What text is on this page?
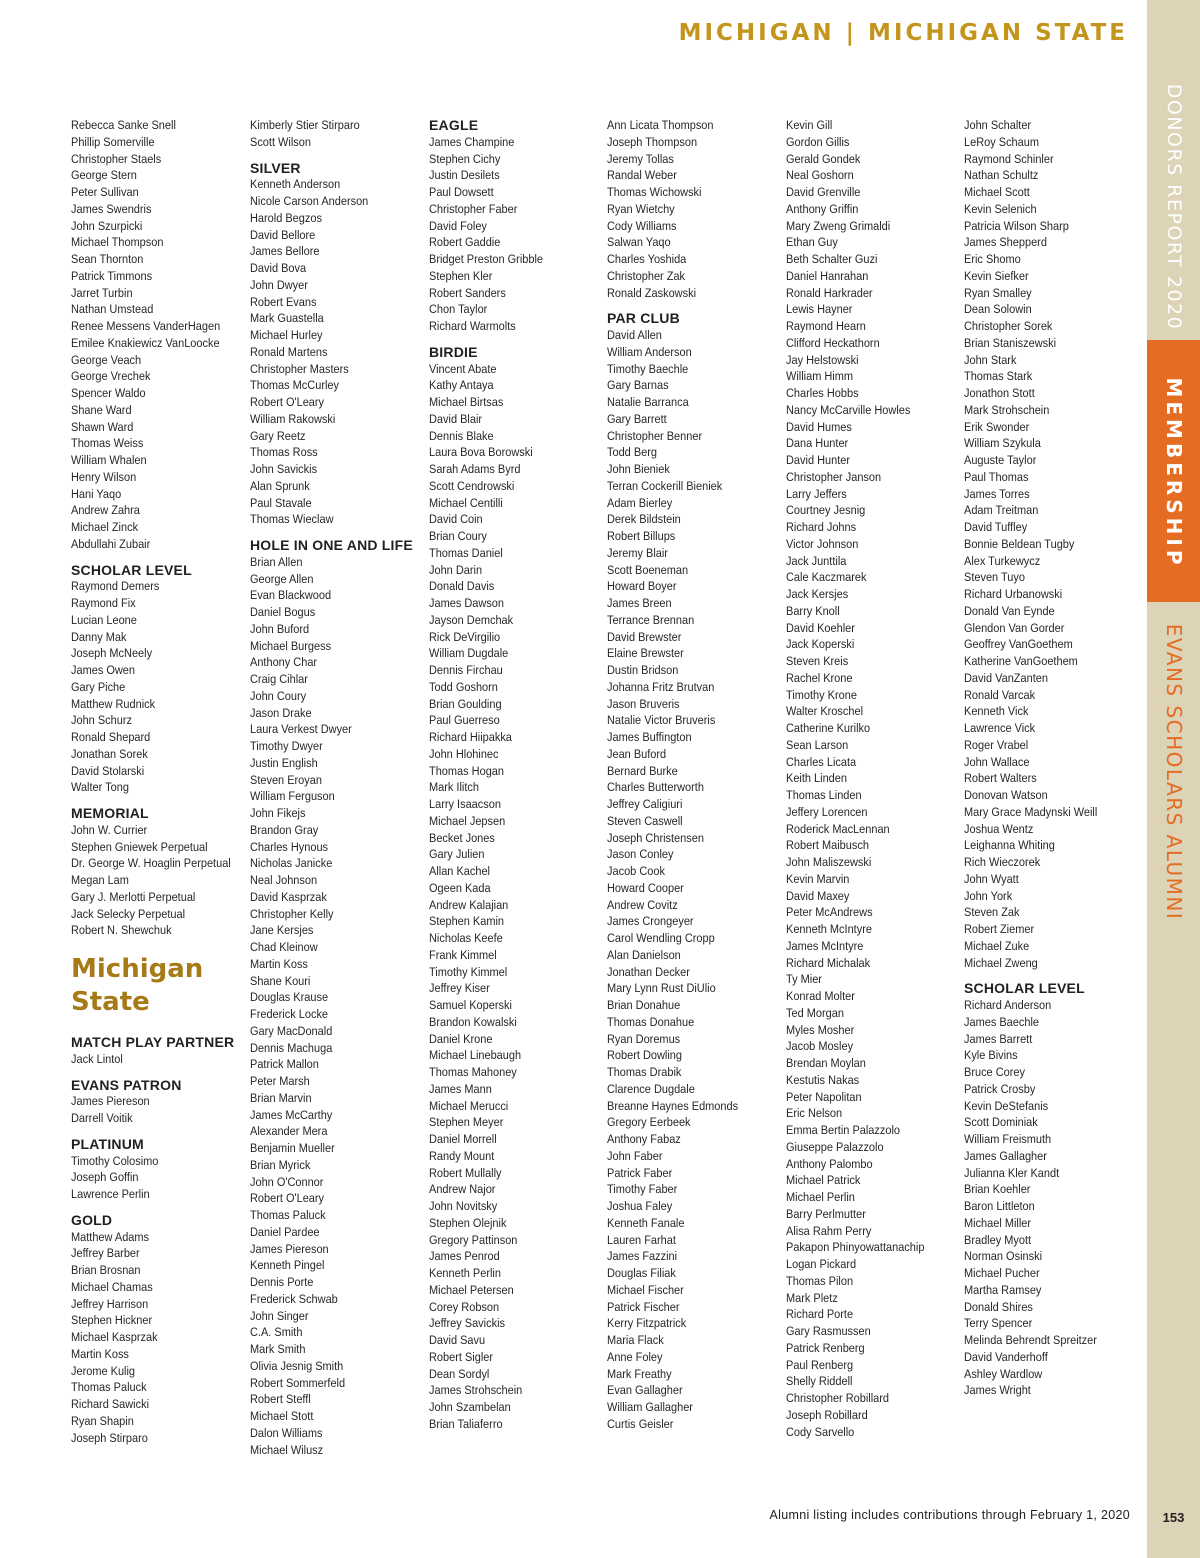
MICHIGAN | MICHIGAN STATE
DONORS REPORT 2020
MEMBERSHIP
EVANS SCHOLARS ALUMNI
153
Rebecca Sanke Snell
Phillip Somerville
Christopher Staels
George Stern
Peter Sullivan
James Swendris
John Szurpicki
Michael Thompson
Sean Thornton
Patrick Timmons
Jarret Turbin
Nathan Umstead
Renee Messens VanderHagen
Emilee Knakiewicz VanLoocke
George Veach
George Vrechek
Spencer Waldo
Shane Ward
Shawn Ward
Thomas Weiss
William Whalen
Henry Wilson
Hani Yaqo
Andrew Zahra
Michael Zinck
Abdullahi Zubair
SCHOLAR LEVEL
Raymond Demers
Raymond Fix
Lucian Leone
Danny Mak
Joseph McNeely
James Owen
Gary Piche
Matthew Rudnick
John Schurz
Ronald Shepard
Jonathan Sorek
David Stolarski
Walter Tong
MEMORIAL
John W. Currier
Stephen Gniewek Perpetual
Dr. George W. Hoaglin Perpetual
Megan Lam
Gary J. Merlotti Perpetual
Jack Selecky Perpetual
Robert N. Shewchuk
Michigan
State
MATCH PLAY PARTNER
Jack Lintol
EVANS PATRON
James Piereson
Darrell Voitik
PLATINUM
Timothy Colosimo
Joseph Goffin
Lawrence Perlin
GOLD
Matthew Adams
Jeffrey Barber
Brian Brosnan
Michael Chamas
Jeffrey Harrison
Stephen Hickner
Michael Kasprzak
Martin Koss
Jerome Kulig
Thomas Paluck
Richard Sawicki
Ryan Shapin
Joseph Stirparo
Kimberly Stier Stirparo
Scott Wilson
SILVER
Kenneth Anderson
Nicole Carson Anderson
Harold Begzos
David Bellore
James Bellore
David Bova
John Dwyer
Robert Evans
Mark Guastella
Michael Hurley
Ronald Martens
Christopher Masters
Thomas McCurley
Robert O'Leary
William Rakowski
Gary Reetz
Thomas Ross
John Savickis
Alan Sprunk
Paul Stavale
Thomas Wieclaw
HOLE IN ONE AND LIFE
Brian Allen
George Allen
Evan Blackwood
Daniel Bogus
John Buford
Michael Burgess
Anthony Char
Craig Cihlar
John Coury
Jason Drake
Laura Verkest Dwyer
Timothy Dwyer
Justin English
Steven Eroyan
William Ferguson
John Fikejs
Brandon Gray
Charles Hynous
Nicholas Janicke
Neal Johnson
David Kasprzak
Christopher Kelly
Jane Kersjes
Chad Kleinow
Martin Koss
Shane Kouri
Douglas Krause
Frederick Locke
Gary MacDonald
Dennis Machuga
Patrick Mallon
Peter Marsh
Brian Marvin
James McCarthy
Alexander Mera
Benjamin Mueller
Brian Myrick
John O'Connor
Robert O'Leary
Thomas Paluck
Daniel Pardee
James Piereson
Kenneth Pingel
Dennis Porte
Frederick Schwab
John Singer
C.A. Smith
Mark Smith
Olivia Jesnig Smith
Robert Sommerfeld
Robert Steffl
Michael Stott
Dalon Williams
Michael Wilusz
EAGLE
James Champine
Stephen Cichy
Justin Desilets
Paul Dowsett
Christopher Faber
David Foley
Robert Gaddie
Bridget Preston Gribble
Stephen Kler
Robert Sanders
Chon Taylor
Richard Warmolts
BIRDIE
Vincent Abate
Kathy Antaya
Michael Birtsas
David Blair
Dennis Blake
Laura Bova Borowski
Sarah Adams Byrd
Scott Cendrowski
Michael Centilli
David Coin
Brian Coury
Thomas Daniel
John Darin
Donald Davis
James Dawson
Jayson Demchak
Rick DeVirgilio
William Dugdale
Dennis Firchau
Todd Goshorn
Brian Goulding
Paul Guerreso
Richard Hiipakka
John Hlohinec
Thomas Hogan
Mark Ilitch
Larry Isaacson
Michael Jepsen
Becket Jones
Gary Julien
Allan Kachel
Ogeen Kada
Andrew Kalajian
Stephen Kamin
Nicholas Keefe
Frank Kimmel
Timothy Kimmel
Jeffrey Kiser
Samuel Koperski
Brandon Kowalski
Daniel Krone
Michael Linebaugh
Thomas Mahoney
James Mann
Michael Merucci
Stephen Meyer
Daniel Morrell
Randy Mount
Robert Mullally
Andrew Najor
John Novitsky
Stephen Olejnik
Gregory Pattinson
James Penrod
Kenneth Perlin
Michael Petersen
Corey Robson
Jeffrey Savickis
David Savu
Robert Sigler
Dean Sordyl
James Strohschein
John Szambelan
Brian Taliaferro
Ann Licata Thompson
Joseph Thompson
Jeremy Tollas
Randal Weber
Thomas Wichowski
Ryan Wietchy
Cody Williams
Salwan Yaqo
Charles Yoshida
Christopher Zak
Ronald Zaskowski
PAR CLUB
David Allen
William Anderson
Timothy Baechle
Gary Barnas
Natalie Barranca
Gary Barrett
Christopher Benner
Todd Berg
John Bieniek
Terran Cockerill Bieniek
Adam Bierley
Derek Bildstein
Robert Billups
Jeremy Blair
Scott Boeneman
Howard Boyer
James Breen
Terrance Brennan
David Brewster
Elaine Brewster
Dustin Bridson
Johanna Fritz Brutvan
Jason Bruveris
Natalie Victor Bruveris
James Buffington
Jean Buford
Bernard Burke
Charles Butterworth
Jeffrey Caligiuri
Steven Caswell
Joseph Christensen
Jason Conley
Jacob Cook
Howard Cooper
Andrew Covitz
James Crongeyer
Carol Wendling Cropp
Alan Danielson
Jonathan Decker
Mary Lynn Rust DiUlio
Brian Donahue
Thomas Donahue
Ryan Doremus
Robert Dowling
Thomas Drabik
Clarence Dugdale
Breanne Haynes Edmonds
Gregory Eerbeek
Anthony Fabaz
John Faber
Patrick Faber
Timothy Faber
Joshua Faley
Kenneth Fanale
Lauren Farhat
James Fazzini
Douglas Filiak
Michael Fischer
Patrick Fischer
Kerry Fitzpatrick
Maria Flack
Anne Foley
Mark Freathy
Evan Gallagher
William Gallagher
Curtis Geisler
Kevin Gill
Gordon Gillis
Gerald Gondek
Neal Goshorn
David Grenville
Anthony Griffin
Mary Zweng Grimaldi
Ethan Guy
Beth Schalter Guzi
Daniel Hanrahan
Ronald Harkrader
Lewis Hayner
Raymond Hearn
Clifford Heckathorn
Jay Helstowski
William Himm
Charles Hobbs
Nancy McCarville Howles
David Humes
Dana Hunter
David Hunter
Christopher Janson
Larry Jeffers
Courtney Jesnig
Richard Johns
Victor Johnson
Jack Junttila
Cale Kaczmarek
Jack Kersjes
Barry Knoll
David Koehler
Jack Koperski
Steven Kreis
Rachel Krone
Timothy Krone
Walter Kroschel
Catherine Kurilko
Sean Larson
Charles Licata
Keith Linden
Thomas Linden
Jeffery Lorencen
Roderick MacLennan
Robert Maibusch
John Maliszewski
Kevin Marvin
David Maxey
Peter McAndrews
Kenneth McIntyre
James McIntyre
Richard Michalak
Ty Mier
Konrad Molter
Ted Morgan
Myles Mosher
Jacob Mosley
Brendan Moylan
Kestutis Nakas
Peter Napolitan
Eric Nelson
Emma Bertin Palazzolo
Giuseppe Palazzolo
Anthony Palombo
Michael Patrick
Michael Perlin
Barry Perlmutter
Alisa Rahm Perry
Pakapon Phinyowattanachip
Logan Pickard
Thomas Pilon
Mark Pletz
Richard Porte
Gary Rasmussen
Patrick Renberg
Paul Renberg
Shelly Riddell
Christopher Robillard
Joseph Robillard
Cody Sarvello
John Schalter
LeRoy Schaum
Raymond Schinler
Nathan Schultz
Michael Scott
Kevin Selenich
Patricia Wilson Sharp
James Shepperd
Eric Shomo
Kevin Siefker
Ryan Smalley
Dean Solowin
Christopher Sorek
Brian Staniszewski
John Stark
Thomas Stark
Jonathon Stott
Mark Strohschein
Erik Swonder
William Szykula
Auguste Taylor
Paul Thomas
James Torres
Adam Treitman
David Tuffley
Bonnie Beldean Tugby
Alex Turkewycz
Steven Tuyo
Richard Urbanowski
Donald Van Eynde
Glendon Van Gorder
Geoffrey VanGoethem
Katherine VanGoethem
David VanZanten
Ronald Varcak
Kenneth Vick
Lawrence Vick
Roger Vrabel
John Wallace
Robert Walters
Donovan Watson
Mary Grace Madynski Weill
Joshua Wentz
Leighanna Whiting
Rich Wieczorek
John Wyatt
John York
Steven Zak
Robert Ziemer
Michael Zuke
Michael Zweng
SCHOLAR LEVEL
Richard Anderson
James Baechle
James Barrett
Kyle Bivins
Bruce Corey
Patrick Crosby
Kevin DeStefanis
Scott Dominiak
William Freismuth
James Gallagher
Julianna Kler Kandt
Brian Koehler
Baron Littleton
Michael Miller
Bradley Myott
Norman Osinski
Michael Pucher
Martha Ramsey
Donald Shires
Terry Spencer
Melinda Behrendt Spreitzer
David Vanderhoff
Ashley Wardlow
James Wright
Alumni listing includes contributions through February 1, 2020
